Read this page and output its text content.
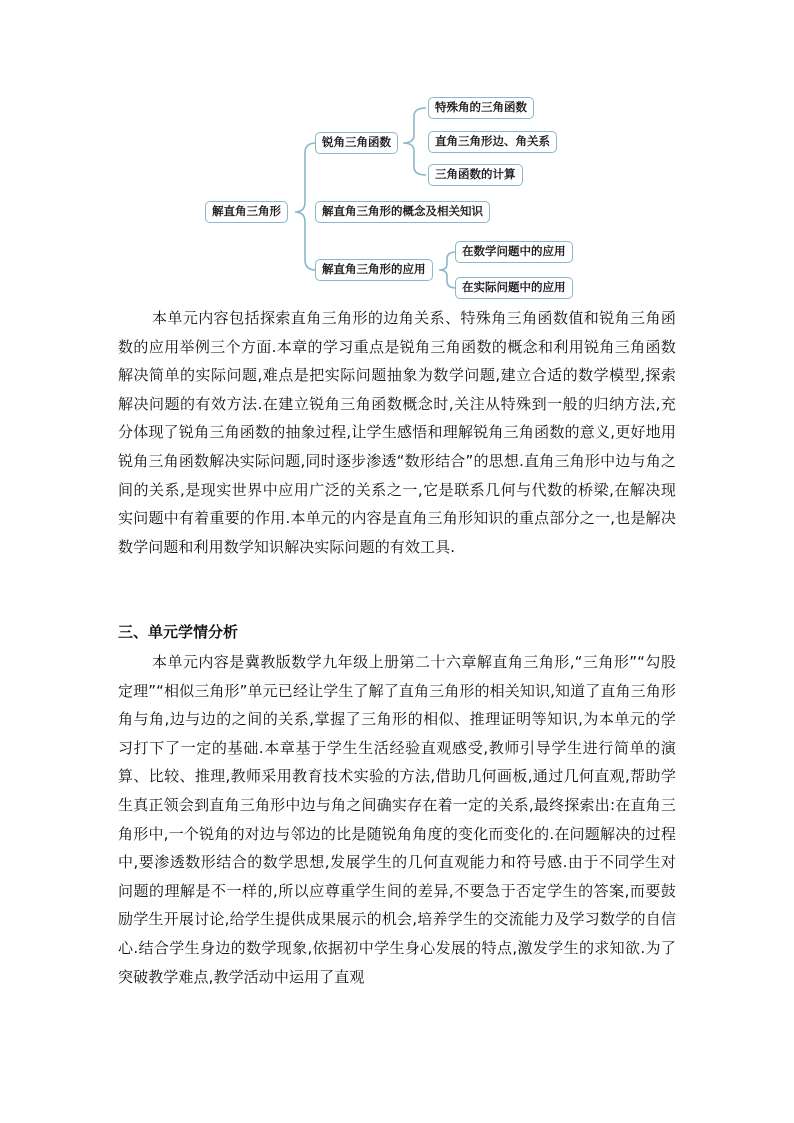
解直角三角形
锐角三角函数
解直角三角形的概念及相关知识
解直角三角形的应用
特殊角的三角函数
直角三角形边、角关系
三角函数的计算
在数学问题中的应用
在实际问题中的应用

本单元内容包括探索直角三角形的边角关系、特殊角三角函数值和锐角三角函数的应用举例三个方面.本章的学习重点是锐角三角函数的概念和利用锐角三角函数解决简单的实际问题,难点是把实际问题抽象为数学问题,建立合适的数学模型,探索解决问题的有效方法.在建立锐角三角函数概念时,关注从特殊到一般的归纳方法,充分体现了锐角三角函数的抽象过程,让学生感悟和理解锐角三角函数的意义,更好地用锐角三角函数解决实际问题,同时逐步渗透“数形结合”的思想.直角三角形中边与角之间的关系,是现实世界中应用广泛的关系之一,它是联系几何与代数的桥梁,在解决现实问题中有着重要的作用.本单元的内容是直角三角形知识的重点部分之一,也是解决数学问题和利用数学知识解决实际问题的有效工具.

三、单元学情分析

本单元内容是冀教版数学九年级上册第二十六章解直角三角形,“三角形”“勾股定理”“相似三角形”单元已经让学生了解了直角三角形的相关知识,知道了直角三角形角与角,边与边的之间的关系,掌握了三角形的相似、推理证明等知识,为本单元的学习打下了一定的基础.本章基于学生生活经验直观感受,教师引导学生进行简单的演算、比较、推理,教师采用教育技术实验的方法,借助几何画板,通过几何直观,帮助学生真正领会到直角三角形中边与角之间确实存在着一定的关系,最终探索出:在直角三角形中,一个锐角的对边与邻边的比是随锐角角度的变化而变化的.在问题解决的过程中,要渗透数形结合的数学思想,发展学生的几何直观能力和符号感.由于不同学生对问题的理解是不一样的,所以应尊重学生间的差异,不要急于否定学生的答案,而要鼓励学生开展讨论,给学生提供成果展示的机会,培养学生的交流能力及学习数学的自信心.结合学生身边的数学现象,依据初中学生身心发展的特点,激发学生的求知欲.为了突破教学难点,教学活动中运用了直观
